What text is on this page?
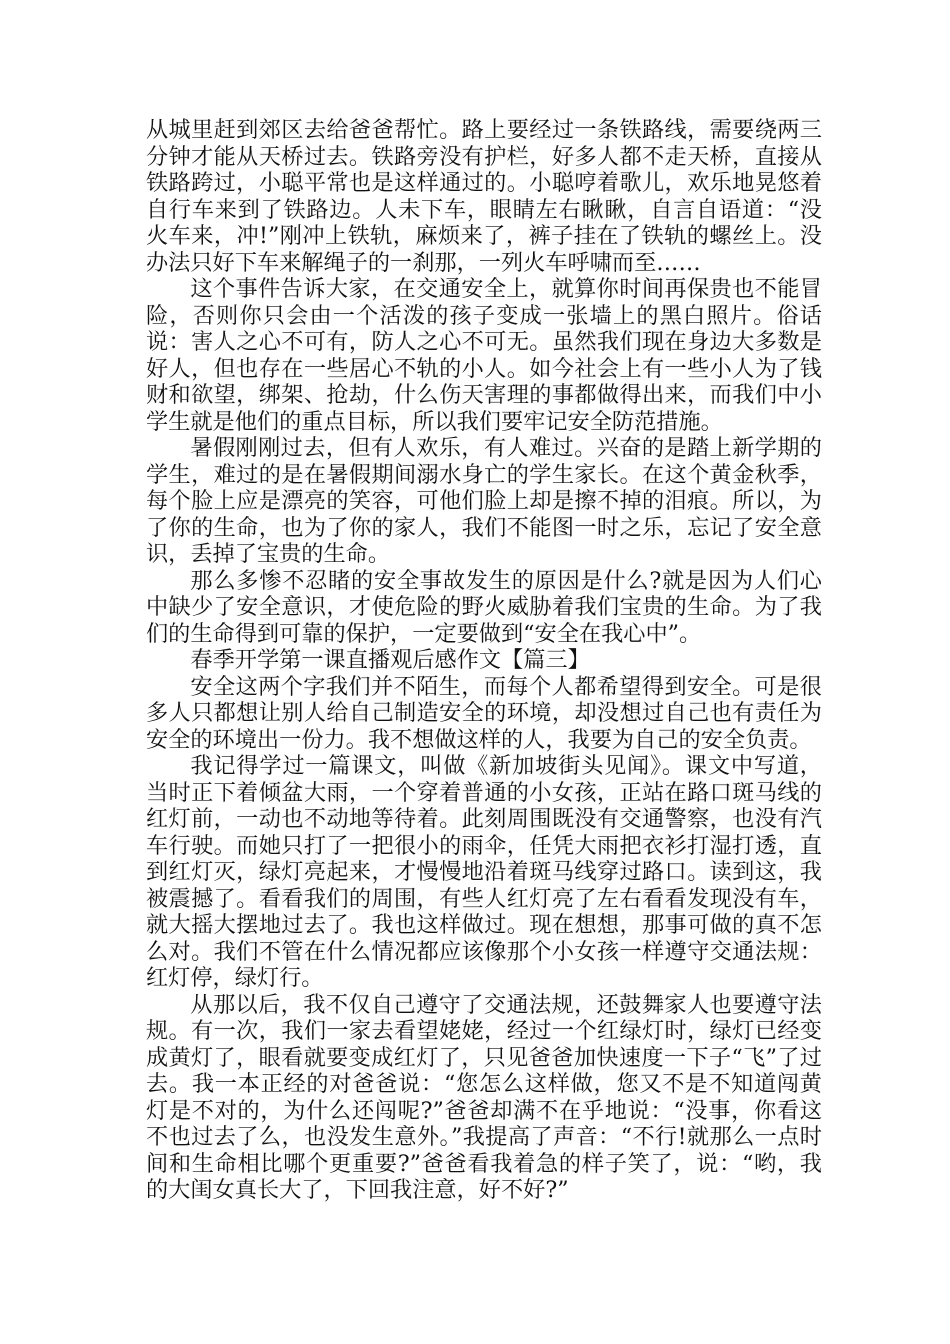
从城里赶到郊区去给爸爸帮忙。路上要经过一条铁路线，需要绕两三分钟才能从天桥过去。铁路旁没有护栏，好多人都不走天桥，直接从铁路跨过，小聪平常也是这样通过的。小聪哼着歌儿，欢乐地晃悠着自行车来到了铁路边。人未下车，眼睛左右瞅瞅，自言自语道：“没火车来，冲!”刚冲上铁轨，麻烦来了，裤子挂在了铁轨的螺丝上。没办法只好下车来解绳子的一刹那，一列火车呼啸而至……

这个事件告诉大家，在交通安全上，就算你时间再保贵也不能冒险，否则你只会由一个活泼的孩子变成一张墙上的黑白照片。俗话说：害人之心不可有，防人之心不可无。虽然我们现在身边大多数是好人，但也存在一些居心不轨的小人。如今社会上有一些小人为了钱财和欲望，绑架、抢劫，什么伤天害理的事都做得出来，而我们中小学生就是他们的重点目标，所以我们要牢记安全防范措施。

暑假刚刚过去，但有人欢乐，有人难过。兴奋的是踏上新学期的学生，难过的是在暑假期间溺水身亡的学生家长。在这个黄金秋季，每个脸上应是漂亮的笑容，可他们脸上却是擦不掉的泪痕。所以，为了你的生命，也为了你的家人，我们不能图一时之乐，忘记了安全意识，丢掉了宝贵的生命。

那么多惨不忍睹的安全事故发生的原因是什么?就是因为人们心中缺少了安全意识，才使危险的野火威胁着我们宝贵的生命。为了我们的生命得到可靠的保护，一定要做到“安全在我心中”。

春季开学第一课直播观后感作文【篇三】

安全这两个字我们并不陌生，而每个人都希望得到安全。可是很多人只都想让别人给自己制造安全的环境，却没想过自己也有责任为安全的环境出一份力。我不想做这样的人，我要为自己的安全负责。

我记得学过一篇课文，叫做《新加坡街头见闻》。课文中写道，当时正下着倾盆大雨，一个穿着普通的小女孩，正站在路口斑马线的红灯前，一动也不动地等待着。此刻周围既没有交通警察，也没有汽车行驶。而她只打了一把很小的雨伞，任凭大雨把衣衫打湿打透，直到红灯灭，绿灯亮起来，才慢慢地沿着斑马线穿过路口。读到这，我被震撼了。看看我们的周围，有些人红灯亮了左右看看发现没有车，就大摇大摆地过去了。我也这样做过。现在想想，那事可做的真不怎么对。我们不管在什么情况都应该像那个小女孩一样遵守交通法规：红灯停，绿灯行。

从那以后，我不仅自己遵守了交通法规，还鼓舞家人也要遵守法规。有一次，我们一家去看望姥姥，经过一个红绿灯时，绿灯已经变成黄灯了，眼看就要变成红灯了，只见爸爸加快速度一下子“飞”了过去。我一本正经的对爸爸说：“您怎么这样做，您又不是不知道闯黄灯是不对的，为什么还闯呢?”爸爸却满不在乎地说：“没事，你看这不也过去了么，也没发生意外。”我提高了声音：“不行!就那么一点时间和生命相比哪个更重要?”爸爸看我着急的样子笑了，说：“哟，我的大闺女真长大了，下回我注意，好不好?”
